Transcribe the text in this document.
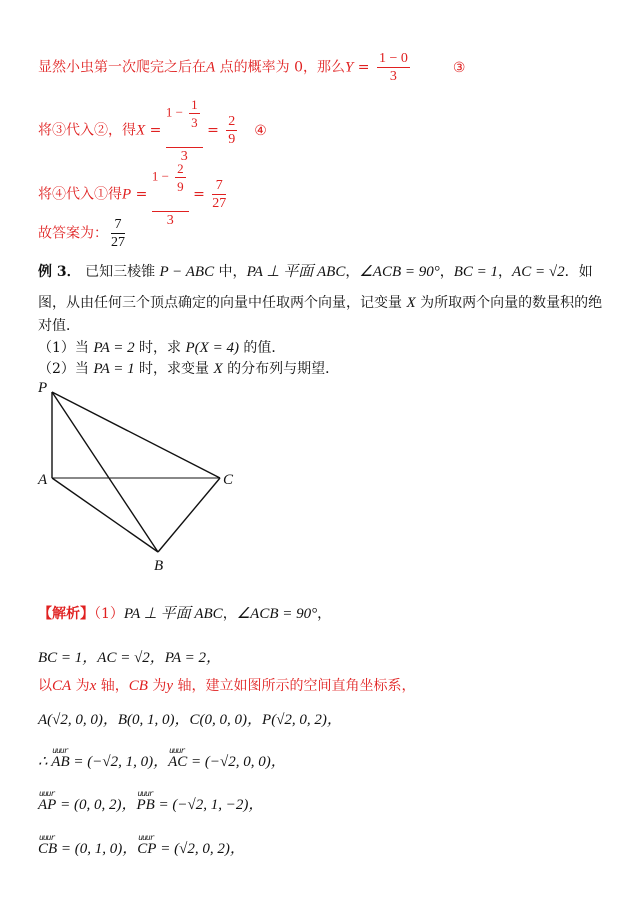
显然小虫第一次爬完之后在A 点的概率为 0，那么$Y = \frac{1 - 0}{3}$	③
将③代入②，得X =
$1 - \frac{1}{3}$

3
= $\frac{2}{9}$ ④
将④代入①得P =
$1 - \frac{2}{9}$

3
= $\frac{7}{27}$
故答案为： $\frac{7}{27}$
例 3． 已知三棱锥 P − ABC 中，PA ⊥ 平面 ABC，∠ACB = 90°，BC = 1，AC = √2．如
图，从由任何三个顶点确定的向量中任取两个向量，记变量 X 为所取两个向量的数量积的绝
对值．
（1）当 PA = 2 时，求 P(X = 4) 的值．
（2）当 PA = 1 时，求变量 X 的分布列与期望．
P
A	C
B
【解析】（1）PA ⊥ 平面 ABC，∠ACB = 90°，
BC = 1，AC = √2，PA = 2，
以CA 为x 轴，CB 为y 轴，建立如图所示的空间直角坐标系，
A(√2, 0, 0)，B(0, 1, 0)，C(0, 0, 0)，P(√2, 0, 2)，
∴ uuur AB = (−√2, 1, 0)，uuur AC = (−√2, 0, 0)，
uuur AP = (0, 0, 2)，uuur PB = (−√2, 1, −2)，
uuur CB = (0, 1, 0)，uuur CP = (√2, 0, 2)，
